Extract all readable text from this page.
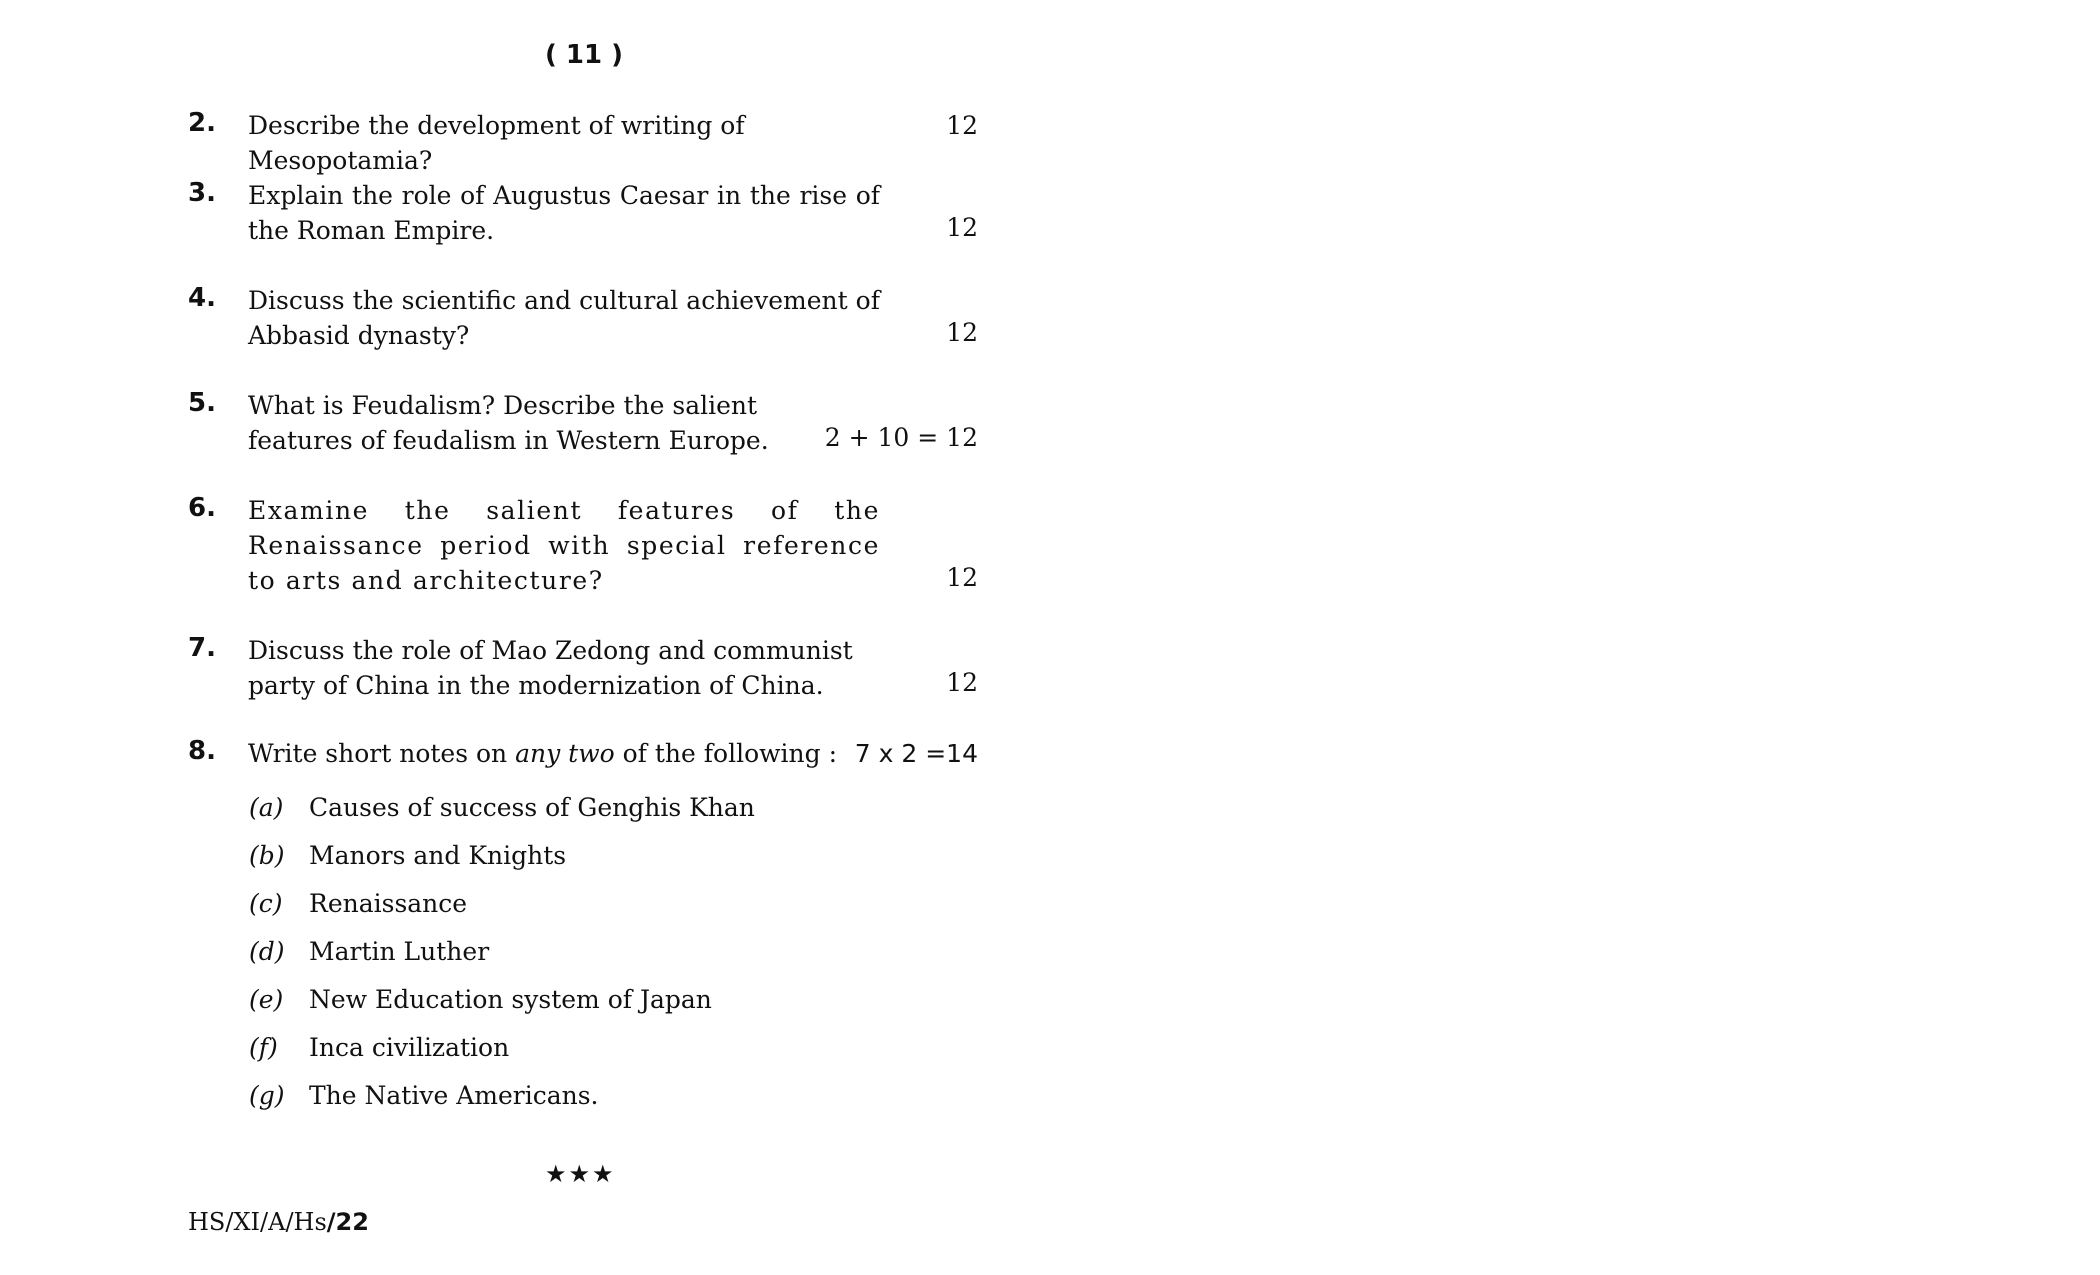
( 11 )
2. Describe the development of writing of Mesopotamia?
12
3. Explain the role of Augustus Caesar in the rise of the Roman Empire.	12
4. Discuss the scientific and cultural achievement of Abbasid dynasty?	12
5. What is Feudalism? Describe the salient features of feudalism in Western Europe.	2 + 10 = 12
6. Examine the salient features of the Renaissance period with special reference to arts and architecture?	12
7. Discuss the role of Mao Zedong and communist party of China in the modernization of China.	12
8. Write short notes on any two of the following : 7 x 2 =14
(a) Causes of success of Genghis Khan
(b) Manors and Knights
(c) Renaissance
(d) Martin Luther
(e) New Education system of Japan
(f) Inca civilization
(g) The Native Americans.
★★★
HS/XI/A/Hs/22
